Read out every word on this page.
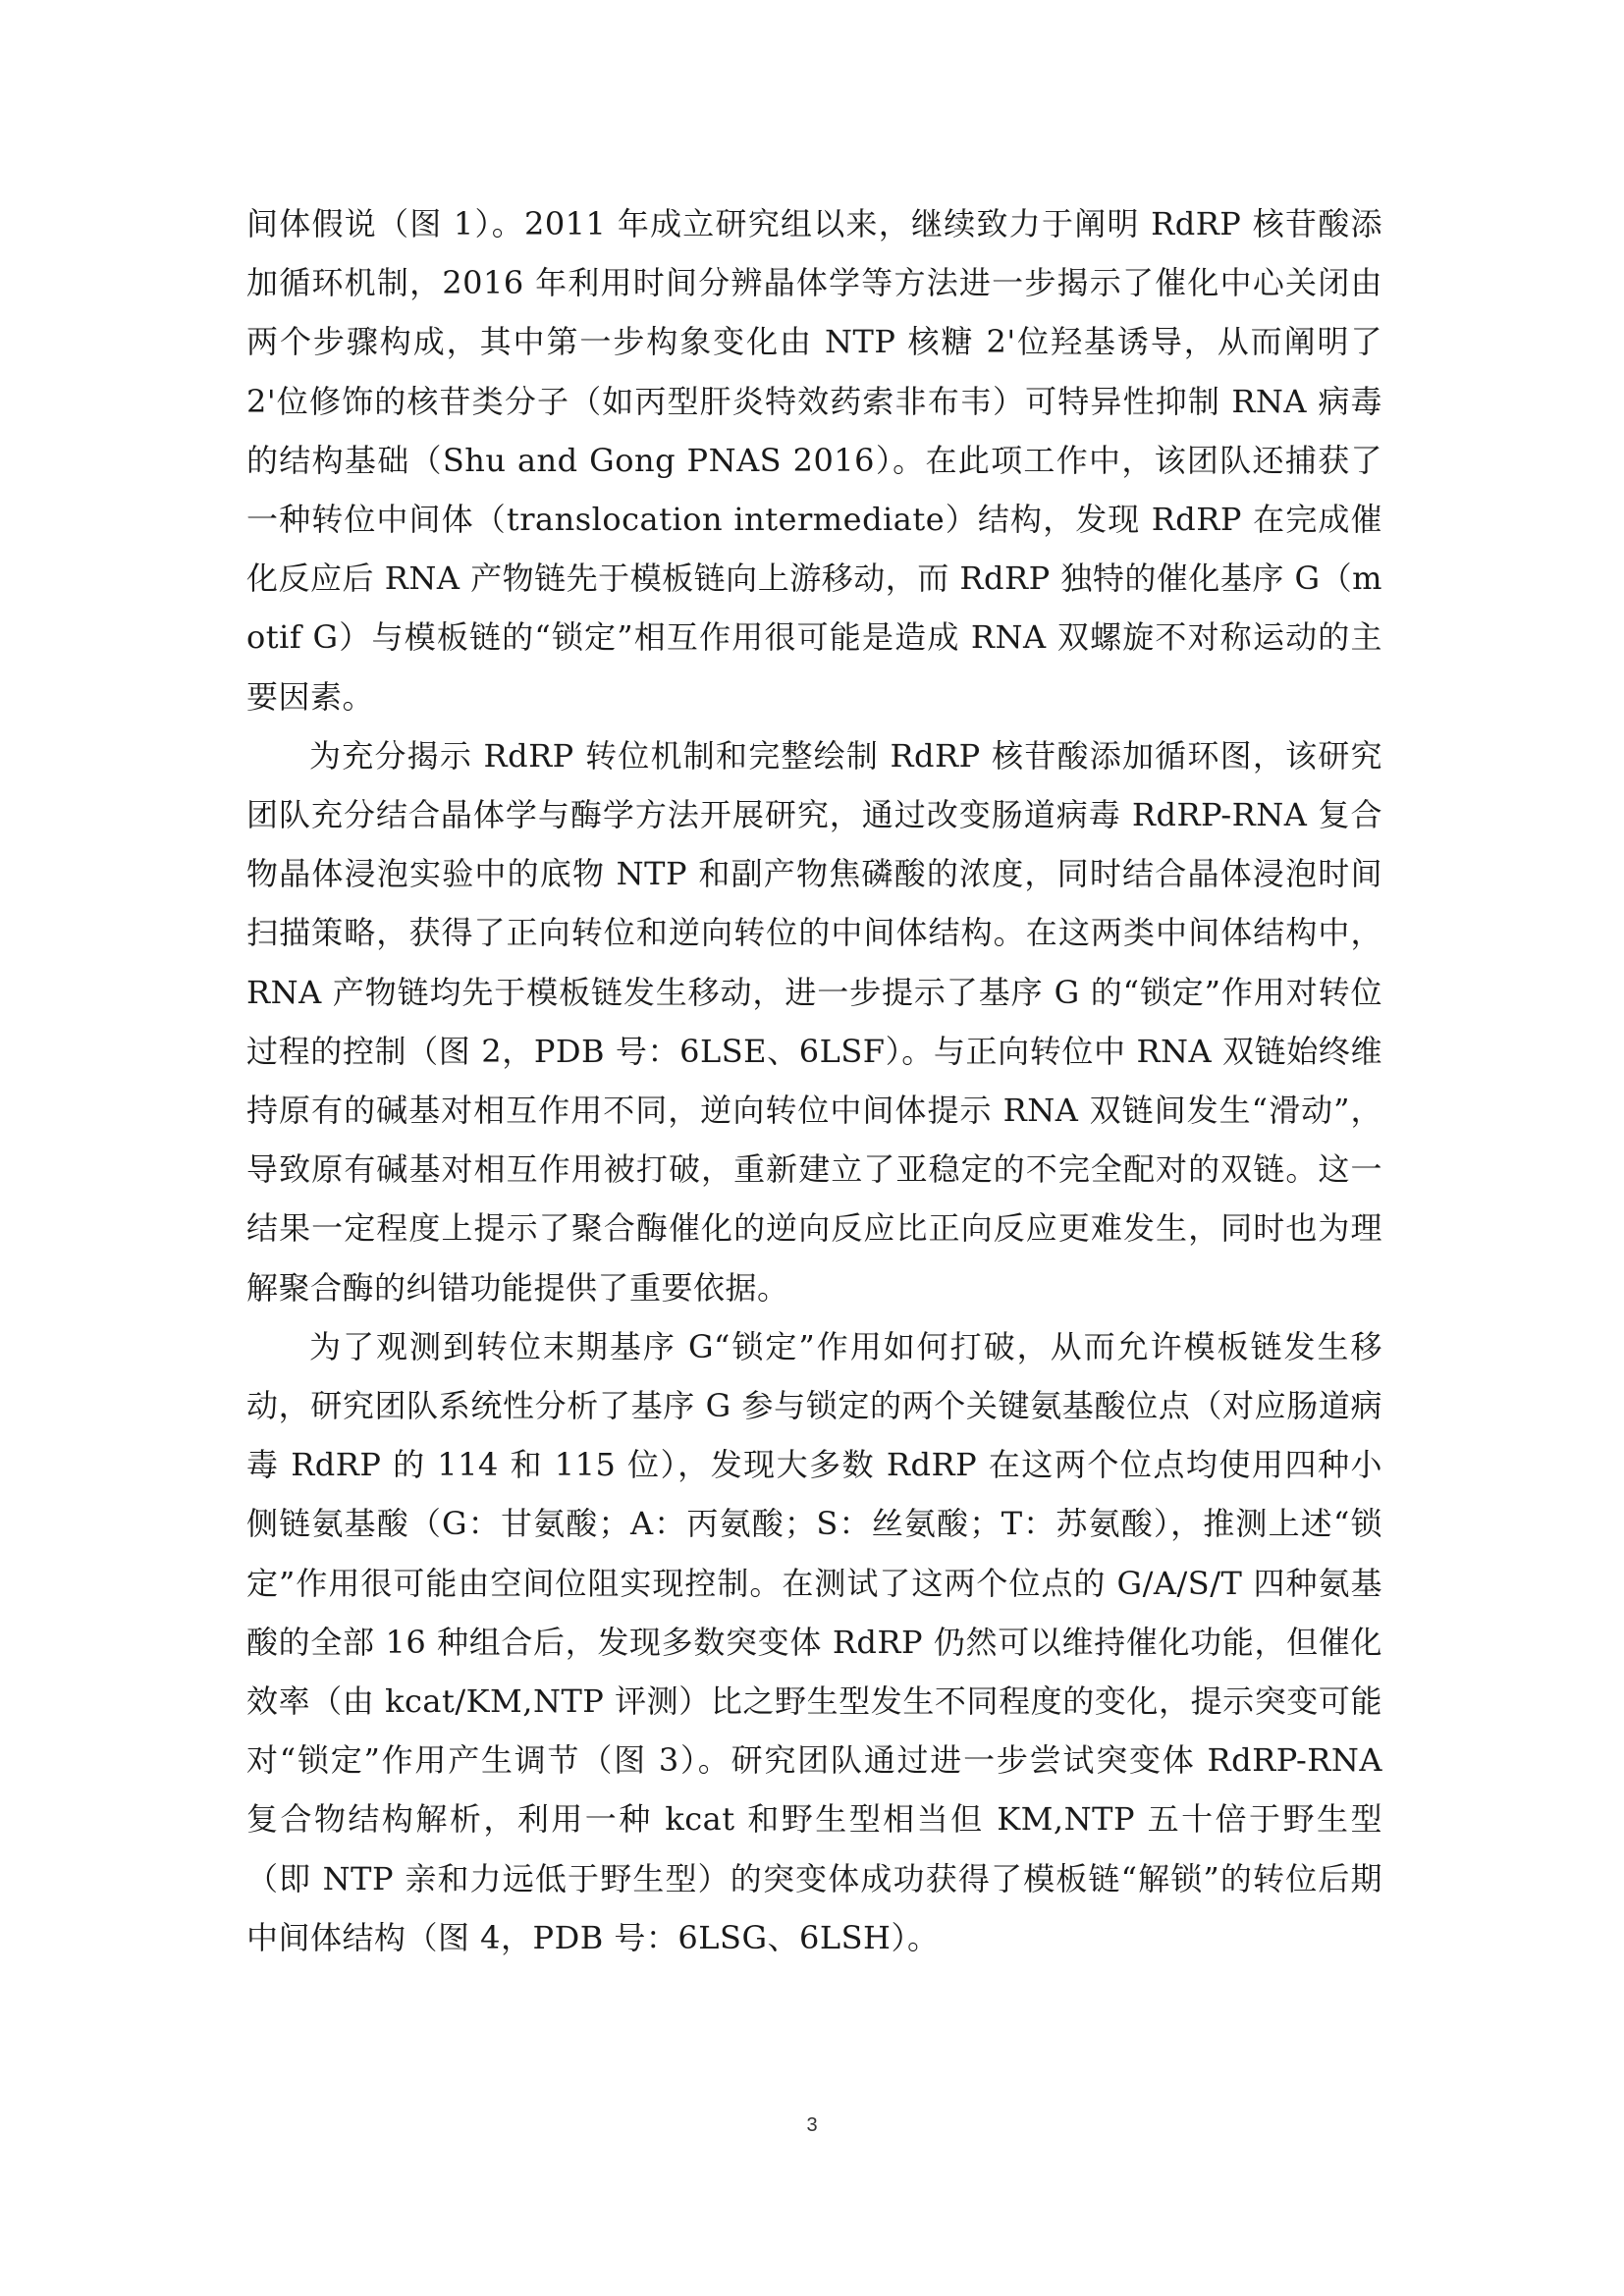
间体假说（图 1）。2011 年成立研究组以来，继续致力于阐明 RdRP 核苷酸添加循环机制，2016 年利用时间分辨晶体学等方法进一步揭示了催化中心关闭由两个步骤构成，其中第一步构象变化由 NTP 核糖 2'位羟基诱导，从而阐明了 2'位修饰的核苷类分子（如丙型肝炎特效药索非布韦）可特异性抑制 RNA 病毒的结构基础（Shu and Gong PNAS 2016）。在此项工作中，该团队还捕获了一种转位中间体（translocation intermediate）结构，发现 RdRP 在完成催化反应后 RNA 产物链先于模板链向上游移动，而 RdRP 独特的催化基序 G（motif G）与模板链的“锁定”相互作用很可能是造成 RNA 双螺旋不对称运动的主要因素。

为充分揭示 RdRP 转位机制和完整绘制 RdRP 核苷酸添加循环图，该研究团队充分结合晶体学与酶学方法开展研究，通过改变肠道病毒 RdRP-RNA 复合物晶体浸泡实验中的底物 NTP 和副产物焦磷酸的浓度，同时结合晶体浸泡时间扫描策略，获得了正向转位和逆向转位的中间体结构。在这两类中间体结构中，RNA 产物链均先于模板链发生移动，进一步提示了基序 G 的“锁定”作用对转位过程的控制（图 2，PDB 号：6LSE、6LSF）。与正向转位中 RNA 双链始终维持原有的碱基对相互作用不同，逆向转位中间体提示 RNA 双链间发生“滑动”，导致原有碱基对相互作用被打破，重新建立了亚稳定的不完全配对的双链。这一结果一定程度上提示了聚合酶催化的逆向反应比正向反应更难发生，同时也为理解聚合酶的纠错功能提供了重要依据。

为了观测到转位末期基序 G“锁定”作用如何打破，从而允许模板链发生移动，研究团队系统性分析了基序 G 参与锁定的两个关键氨基酸位点（对应肠道病毒 RdRP 的 114 和 115 位），发现大多数 RdRP 在这两个位点均使用四种小侧链氨基酸（G：甘氨酸；A：丙氨酸；S：丝氨酸；T：苏氨酸），推测上述“锁定”作用很可能由空间位阻实现控制。在测试了这两个位点的 G/A/S/T 四种氨基酸的全部 16 种组合后，发现多数突变体 RdRP 仍然可以维持催化功能，但催化效率（由 kcat/KM,NTP 评测）比之野生型发生不同程度的变化，提示突变可能对“锁定”作用产生调节（图 3）。研究团队通过进一步尝试突变体 RdRP-RNA 复合物结构解析，利用一种 kcat 和野生型相当但 KM,NTP 五十倍于野生型（即 NTP 亲和力远低于野生型）的突变体成功获得了模板链“解锁”的转位后期中间体结构（图 4，PDB 号：6LSG、6LSH）。

3
